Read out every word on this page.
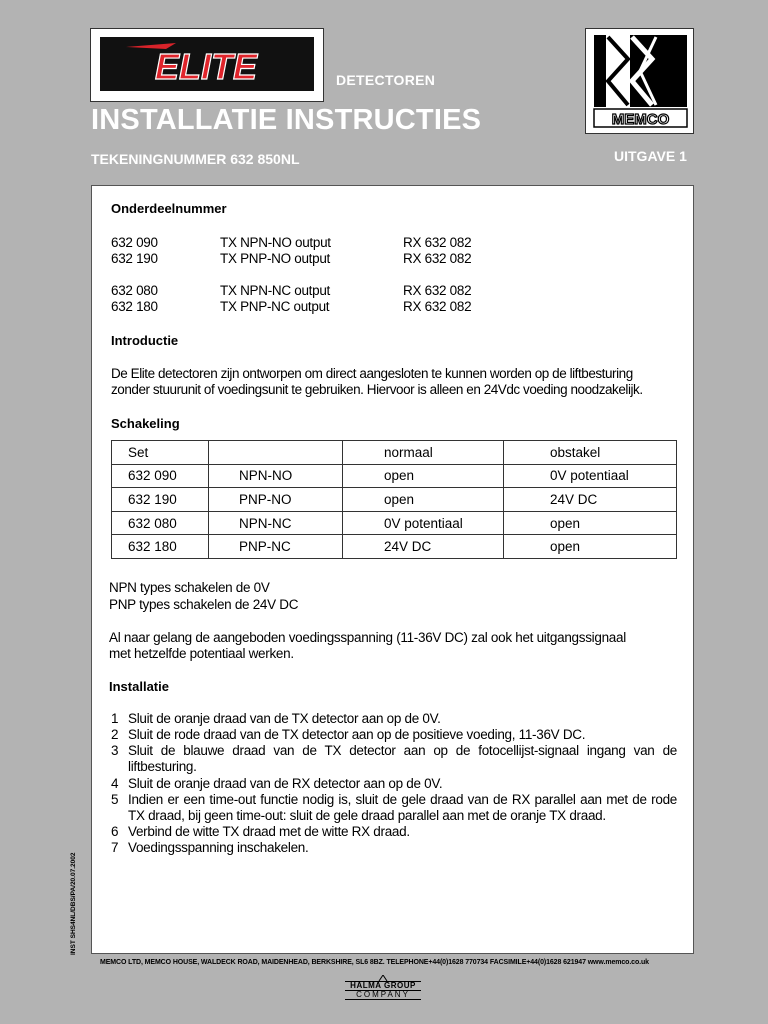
ELITE	DETECTOREN
INSTALLATIE INSTRUCTIES
TEKENINGNUMMER 632 850NL	UITGAVE 1
MEMCO
Onderdeelnummer
632 090	TX NPN-NO output	RX 632 082
632 190	TX PNP-NO output	RX 632 082
632 080	TX NPN-NC output	RX 632 082
632 180	TX PNP-NC output	RX 632 082
Introductie
De Elite detectoren zijn ontworpen om direct aangesloten te kunnen worden op de liftbesturing
zonder stuurunit of voedingsunit te gebruiken. Hiervoor is alleen en 24Vdc voeding noodzakelijk.
Schakeling
Set		normaal	obstakel
632 090	NPN-NO	open	0V potentiaal
632 190	PNP-NO	open	24V DC
632 080	NPN-NC	0V potentiaal	open
632 180	PNP-NC	24V DC	open
NPN types schakelen de 0V
PNP types schakelen de 24V DC
Al naar gelang de aangeboden voedingsspanning (11-36V DC) zal ook het uitgangssignaal
met hetzelfde potentiaal werken.
Installatie
1 Sluit de oranje draad van de TX detector aan op de 0V.
2 Sluit de rode draad van de TX detector aan op de positieve voeding, 11-36V DC.
3 Sluit de blauwe draad van de TX detector aan op de fotocellijst-signaal ingang van de liftbesturing.
4 Sluit de oranje draad van de RX detector aan op de 0V.
5 Indien er een time-out functie nodig is, sluit de gele draad van de RX parallel aan met de rode TX draad, bij geen time-out: sluit de gele draad parallel aan met de oranje TX draad.
6 Verbind de witte TX draad met de witte RX draad.
7 Voedingsspanning inschakelen.
INST SHS4NL/DBS/PA/20.07.2002
MEMCO LTD, MEMCO HOUSE, WALDECK ROAD, MAIDENHEAD, BERKSHIRE, SL6 8BZ. TELEPHONE+44(0)1628 770734 FACSIMILE+44(0)1628 621947 www.memco.co.uk
HALMA GROUP
COMPANY
